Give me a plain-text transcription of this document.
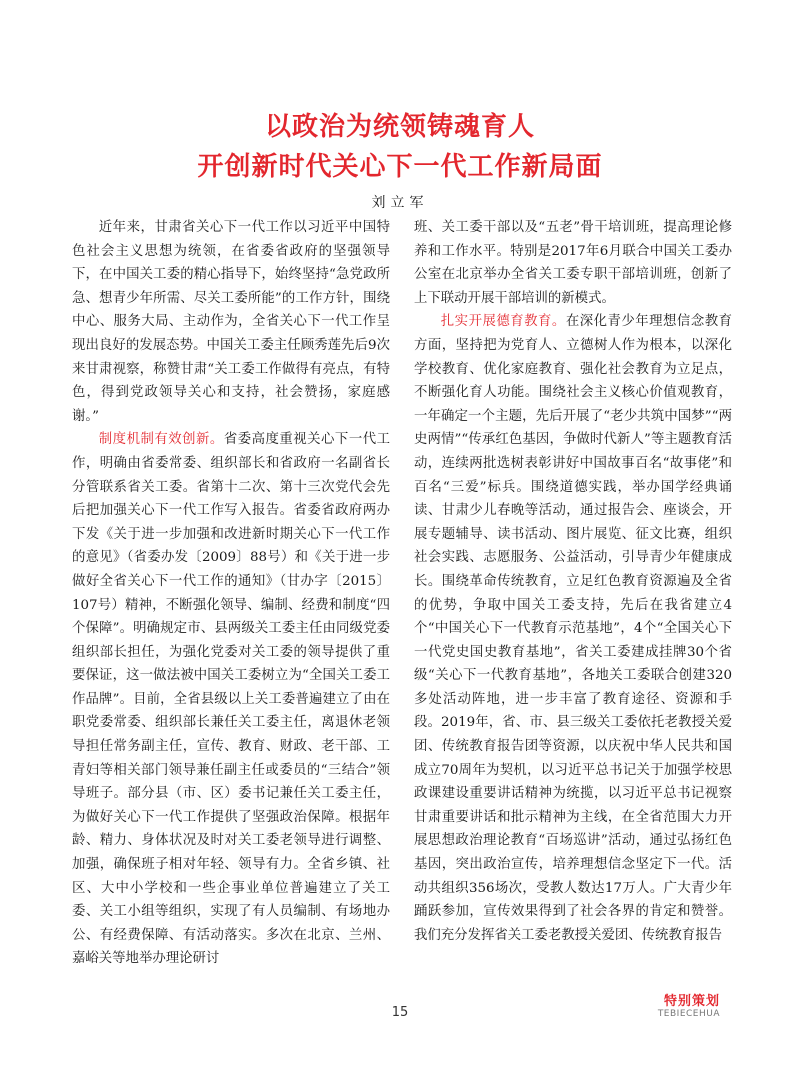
以政治为统领铸魂育人
开创新时代关心下一代工作新局面
刘立军

近年来，甘肃省关心下一代工作以习近平中国特色社会主义思想为统领，在省委省政府的坚强领导下，在中国关工委的精心指导下，始终坚持“急党政所急、想青少年所需、尽关工委所能”的工作方针，围绕中心、服务大局、主动作为，全省关心下一代工作呈现出良好的发展态势。中国关工委主任顾秀莲先后9次来甘肃视察，称赞甘肃“关工委工作做得有亮点，有特色，得到党政领导关心和支持，社会赞扬，家庭感谢。”

制度机制有效创新。省委高度重视关心下一代工作，明确由省委常委、组织部长和省政府一名副省长分管联系省关工委。省第十二次、第十三次党代会先后把加强关心下一代工作写入报告。省委省政府两办下发《关于进一步加强和改进新时期关心下一代工作的意见》（省委办发〔2009〕88号）和《关于进一步做好全省关心下一代工作的通知》（甘办字〔2015〕107号）精神，不断强化领导、编制、经费和制度“四个保障”。明确规定市、县两级关工委主任由同级党委组织部长担任，为强化党委对关工委的领导提供了重要保证，这一做法被中国关工委树立为“全国关工委工作品牌”。目前，全省县级以上关工委普遍建立了由在职党委常委、组织部长兼任关工委主任，离退休老领导担任常务副主任，宣传、教育、财政、老干部、工青妇等相关部门领导兼任副主任或委员的“三结合”领导班子。部分县（市、区）委书记兼任关工委主任，为做好关心下一代工作提供了坚强政治保障。根据年龄、精力、身体状况及时对关工委老领导进行调整、加强，确保班子相对年轻、领导有力。全省乡镇、社区、大中小学校和一些企事业单位普遍建立了关工委、关工小组等组织，实现了有人员编制、有场地办公、有经费保障、有活动落实。多次在北京、兰州、嘉峪关等地举办理论研讨

班、关工委干部以及“五老”骨干培训班，提高理论修养和工作水平。特别是2017年6月联合中国关工委办公室在北京举办全省关工委专职干部培训班，创新了上下联动开展干部培训的新模式。

扎实开展德育教育。在深化青少年理想信念教育方面，坚持把为党育人、立德树人作为根本，以深化学校教育、优化家庭教育、强化社会教育为立足点，不断强化育人功能。围绕社会主义核心价值观教育，一年确定一个主题，先后开展了“老少共筑中国梦”“两史两情”“传承红色基因，争做时代新人”等主题教育活动，连续两批选树表彰讲好中国故事百名“故事佬”和百名“三爱”标兵。围绕道德实践，举办国学经典诵读、甘肃少儿春晚等活动，通过报告会、座谈会，开展专题辅导、读书活动、图片展览、征文比赛，组织社会实践、志愿服务、公益活动，引导青少年健康成长。围绕革命传统教育，立足红色教育资源遍及全省的优势，争取中国关工委支持，先后在我省建立4个“中国关心下一代教育示范基地”，4个“全国关心下一代党史国史教育基地”，省关工委建成挂牌30个省级“关心下一代教育基地”，各地关工委联合创建320多处活动阵地，进一步丰富了教育途径、资源和手段。2019年，省、市、县三级关工委依托老教授关爱团、传统教育报告团等资源，以庆祝中华人民共和国成立70周年为契机，以习近平总书记关于加强学校思政课建设重要讲话精神为统揽，以习近平总书记视察甘肃重要讲话和批示精神为主线，在全省范围大力开展思想政治理论教育“百场巡讲”活动，通过弘扬红色基因，突出政治宣传，培养理想信念坚定下一代。活动共组织356场次，受教人数达17万人。广大青少年踊跃参加，宣传效果得到了社会各界的肯定和赞誉。我们充分发挥省关工委老教授关爱团、传统教育报告

15
特别策划
TEBIECEHUA
